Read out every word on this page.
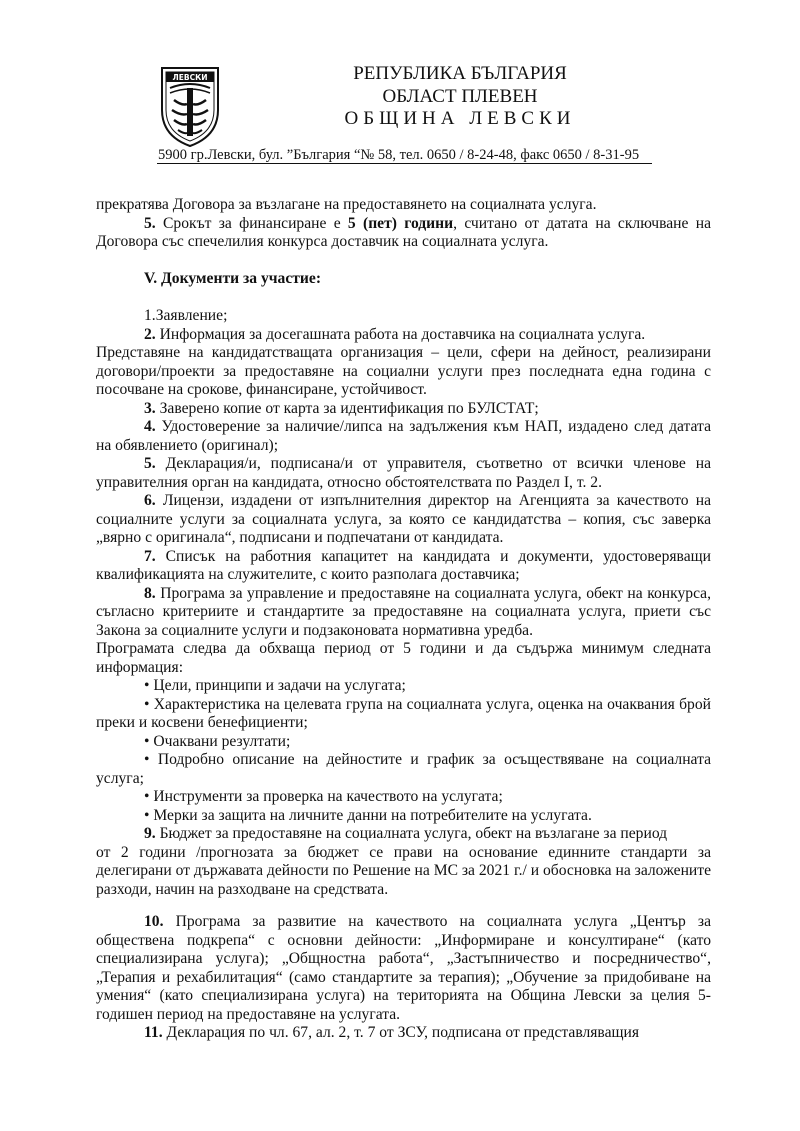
ЛЕВСКИ	РЕПУБЛИКА БЪЛГАРИЯ
ОБЛАСТ ПЛЕВЕН
ОБЩИНА ЛЕВСКИ
5900 гр.Левски, бул. ”България “№ 58, тел. 0650 / 8-24-48, факс 0650 / 8-31-95

прекратява Договора за възлагане на предоставянето на социалната услуга.

5. Срокът за финансиране е 5 (пет) години, считано от датата на сключване на Договора със спечелилия конкурса доставчик на социалната услуга.

V. Документи за участие:

1.Заявление;

2. Информация за досегашната работа на доставчика на социалната услуга.

Представяне на кандидатстващата организация – цели, сфери на дейност, реализирани договори/проекти за предоставяне на социални услуги през последната една година с посочване на срокове, финансиране, устойчивост.

3. Заверено копие от карта за идентификация по БУЛСТАТ;

4. Удостоверение за наличие/липса на задължения към НАП, издадено след датата на обявлението (оригинал);

5. Декларация/и, подписана/и от управителя, съответно от всички членове на управителния орган на кандидата, относно обстоятелствата по Раздел I, т. 2.

6. Лицензи, издадени от изпълнителния директор на Агенцията за качеството на социалните услуги за социалната услуга, за която се кандидатства – копия, със заверка „вярно с оригинала“, подписани и подпечатани от кандидата.

7. Списък на работния капацитет на кандидата и документи, удостоверяващи квалификацията на служителите, с които разполага доставчика;

8. Програма за управление и предоставяне на социалната услуга, обект на конкурса, съгласно критериите и стандартите за предоставяне на социалната услуга, приети със Закона за социалните услуги и подзаконовата нормативна уредба.

Програмата следва да обхваща период от 5 години и да съдържа минимум следната информация:

• Цели, принципи и задачи на услугата;

• Характеристика на целевата група на социалната услуга, оценка на очаквания брой преки и косвени бенефициенти;

• Очаквани резултати;

• Подробно описание на дейностите и график за осъществяване на социалната услуга;

• Инструменти за проверка на качеството на услугата;

• Мерки за защита на личните данни на потребителите на услугата.

9. Бюджет за предоставяне на социалната услуга, обект на възлагане за период

от 2 години /прогнозата за бюджет се прави на основание единните стандарти за делегирани от държавата дейности по Решение на МС за 2021 г./ и обосновка на заложените разходи, начин на разходване на средствата.

10. Програма за развитие на качеството на социалната услуга „Център за обществена подкрепа“ с основни дейности: „Информиране и консултиране“ (като специализирана услуга); „Общностна работа“, „Застъпничество и посредничество“, „Терапия и рехабилитация“ (само стандартите за терапия); „Обучение за придобиване на умения“ (като специализирана услуга) на територията на Община Левски за целия 5-годишен период на предоставяне на услугата.

11. Декларация по чл. 67, ал. 2, т. 7 от ЗСУ, подписана от представляващия
